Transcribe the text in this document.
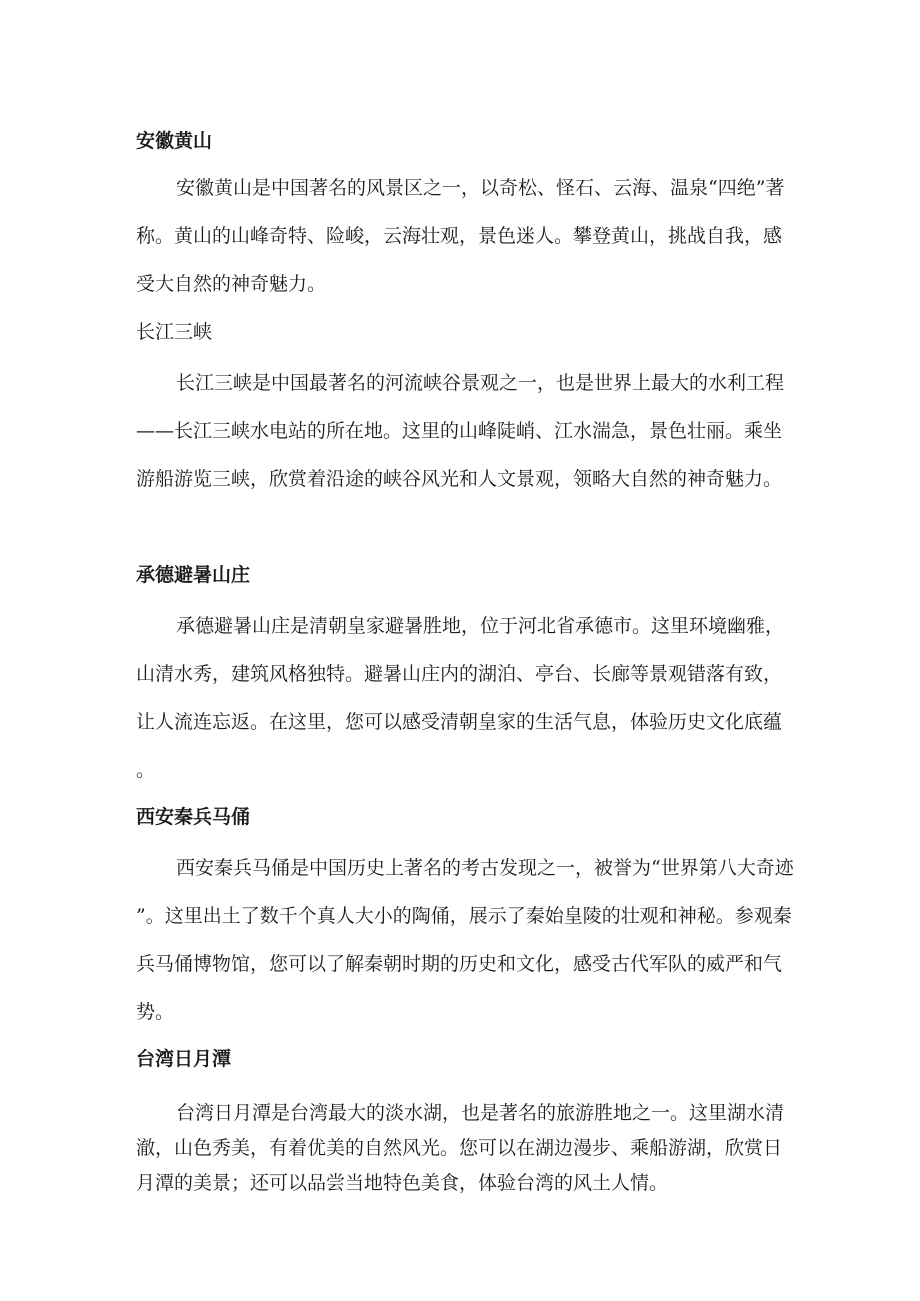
安徽黄山

安徽黄山是中国著名的风景区之一，以奇松、怪石、云海、温泉“四绝”著称。黄山的山峰奇特、险峻，云海壮观，景色迷人。攀登黄山，挑战自我，感受大自然的神奇魅力。

长江三峡

长江三峡是中国最著名的河流峡谷景观之一，也是世界上最大的水利工程——长江三峡水电站的所在地。这里的山峰陡峭、江水湍急，景色壮丽。乘坐游船游览三峡，欣赏着沿途的峡谷风光和人文景观，领略大自然的神奇魅力。

承德避暑山庄

承德避暑山庄是清朝皇家避暑胜地，位于河北省承德市。这里环境幽雅，山清水秀，建筑风格独特。避暑山庄内的湖泊、亭台、长廊等景观错落有致，让人流连忘返。在这里，您可以感受清朝皇家的生活气息，体验历史文化底蕴。

西安秦兵马俑

西安秦兵马俑是中国历史上著名的考古发现之一，被誉为“世界第八大奇迹”。这里出土了数千个真人大小的陶俑，展示了秦始皇陵的壮观和神秘。参观秦兵马俑博物馆，您可以了解秦朝时期的历史和文化，感受古代军队的威严和气势。

台湾日月潭

台湾日月潭是台湾最大的淡水湖，也是著名的旅游胜地之一。这里湖水清澈，山色秀美，有着优美的自然风光。您可以在湖边漫步、乘船游湖，欣赏日月潭的美景；还可以品尝当地特色美食，体验台湾的风土人情。
